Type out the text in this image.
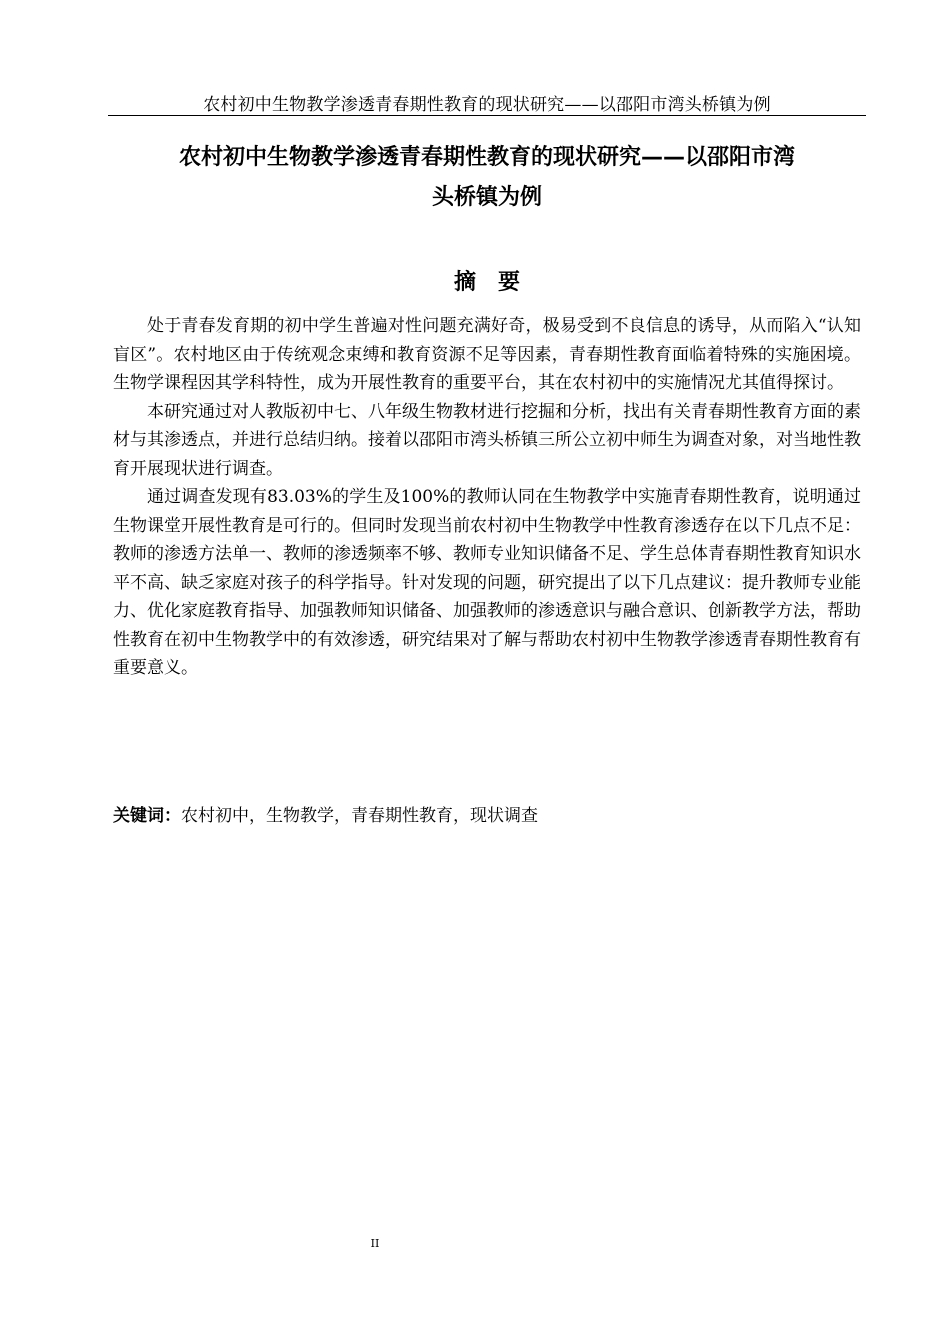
农村初中生物教学渗透青春期性教育的现状研究——以邵阳市湾头桥镇为例
农村初中生物教学渗透青春期性教育的现状研究——以邵阳市湾
头桥镇为例
摘要

处于青春发育期的初中学生普遍对性问题充满好奇，极易受到不良信息的诱导，从而陷入“认知盲区”。农村地区由于传统观念束缚和教育资源不足等因素，青春期性教育面临着特殊的实施困境。生物学课程因其学科特性，成为开展性教育的重要平台，其在农村初中的实施情况尤其值得探讨。

本研究通过对人教版初中七、八年级生物教材进行挖掘和分析，找出有关青春期性教育方面的素材与其渗透点，并进行总结归纳。接着以邵阳市湾头桥镇三所公立初中师生为调查对象，对当地性教育开展现状进行调查。

通过调查发现有83.03%的学生及100%的教师认同在生物教学中实施青春期性教育，说明通过生物课堂开展性教育是可行的。但同时发现当前农村初中生物教学中性教育渗透存在以下几点不足：教师的渗透方法单一、教师的渗透频率不够、教师专业知识储备不足、学生总体青春期性教育知识水平不高、缺乏家庭对孩子的科学指导。针对发现的问题，研究提出了以下几点建议：提升教师专业能力、优化家庭教育指导、加强教师知识储备、加强教师的渗透意识与融合意识、创新教学方法，帮助性教育在初中生物教学中的有效渗透，研究结果对了解与帮助农村初中生物教学渗透青春期性教育有重要意义。

关键词：农村初中，生物教学，青春期性教育，现状调查
II
